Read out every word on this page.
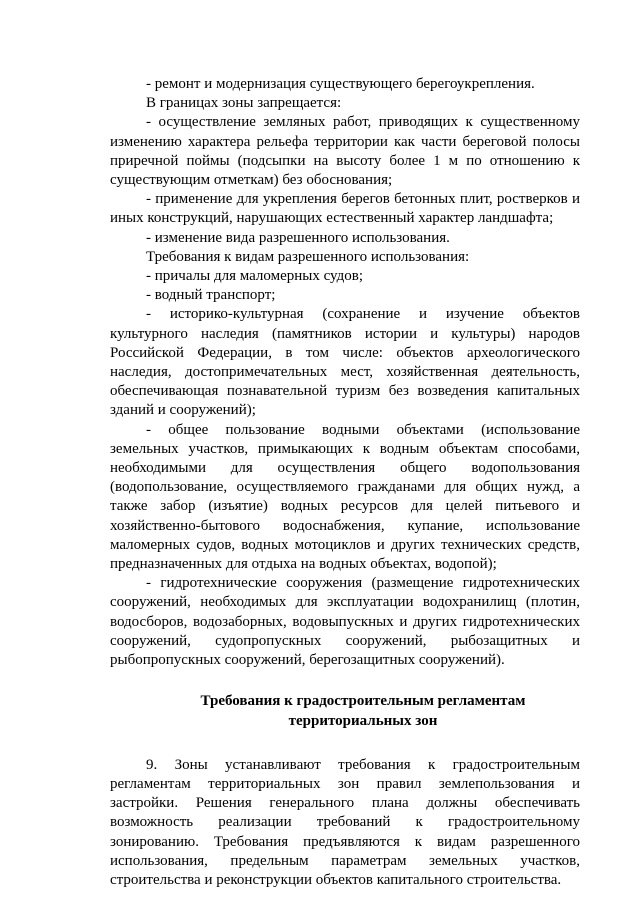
- ремонт и модернизация существующего берегоукрепления.

В границах зоны запрещается:

- осуществление земляных работ, приводящих к существенному изменению характера рельефа территории как части береговой полосы приречной поймы (подсыпки на высоту более 1 м по отношению к существующим отметкам) без обоснования;

- применение для укрепления берегов бетонных плит, ростверков и иных конструкций, нарушающих естественный характер ландшафта;

- изменение вида разрешенного использования.

Требования к видам разрешенного использования:

- причалы для маломерных судов;

- водный транспорт;

- историко-культурная (сохранение и изучение объектов культурного наследия (памятников истории и культуры) народов Российской Федерации, в том числе: объектов археологического наследия, достопримечательных мест, хозяйственная деятельность, обеспечивающая познавательной туризм без возведения капитальных зданий и сооружений);

- общее пользование водными объектами (использование земельных участков, примыкающих к водным объектам способами, необходимыми для осуществления общего водопользования (водопользование, осуществляемого гражданами для общих нужд, а также забор (изъятие) водных ресурсов для целей питьевого и хозяйственно-бытового водоснабжения, купание, использование маломерных судов, водных мотоциклов и других технических средств, предназначенных для отдыха на водных объектах, водопой);

- гидротехнические сооружения (размещение гидротехнических сооружений, необходимых для эксплуатации водохранилищ (плотин, водосборов, водозаборных, водовыпускных и других гидротехнических сооружений, судопропускных сооружений, рыбозащитных и рыбопропускных сооружений, берегозащитных сооружений).

Требования к градостроительным регламентам
территориальных зон

9. Зоны устанавливают требования к градостроительным регламентам территориальных зон правил землепользования и застройки. Решения генерального плана должны обеспечивать возможность реализации требований к градостроительному зонированию. Требования предъявляются к видам разрешенного использования, предельным параметрам земельных участков, строительства и реконструкции объектов капитального строительства.
